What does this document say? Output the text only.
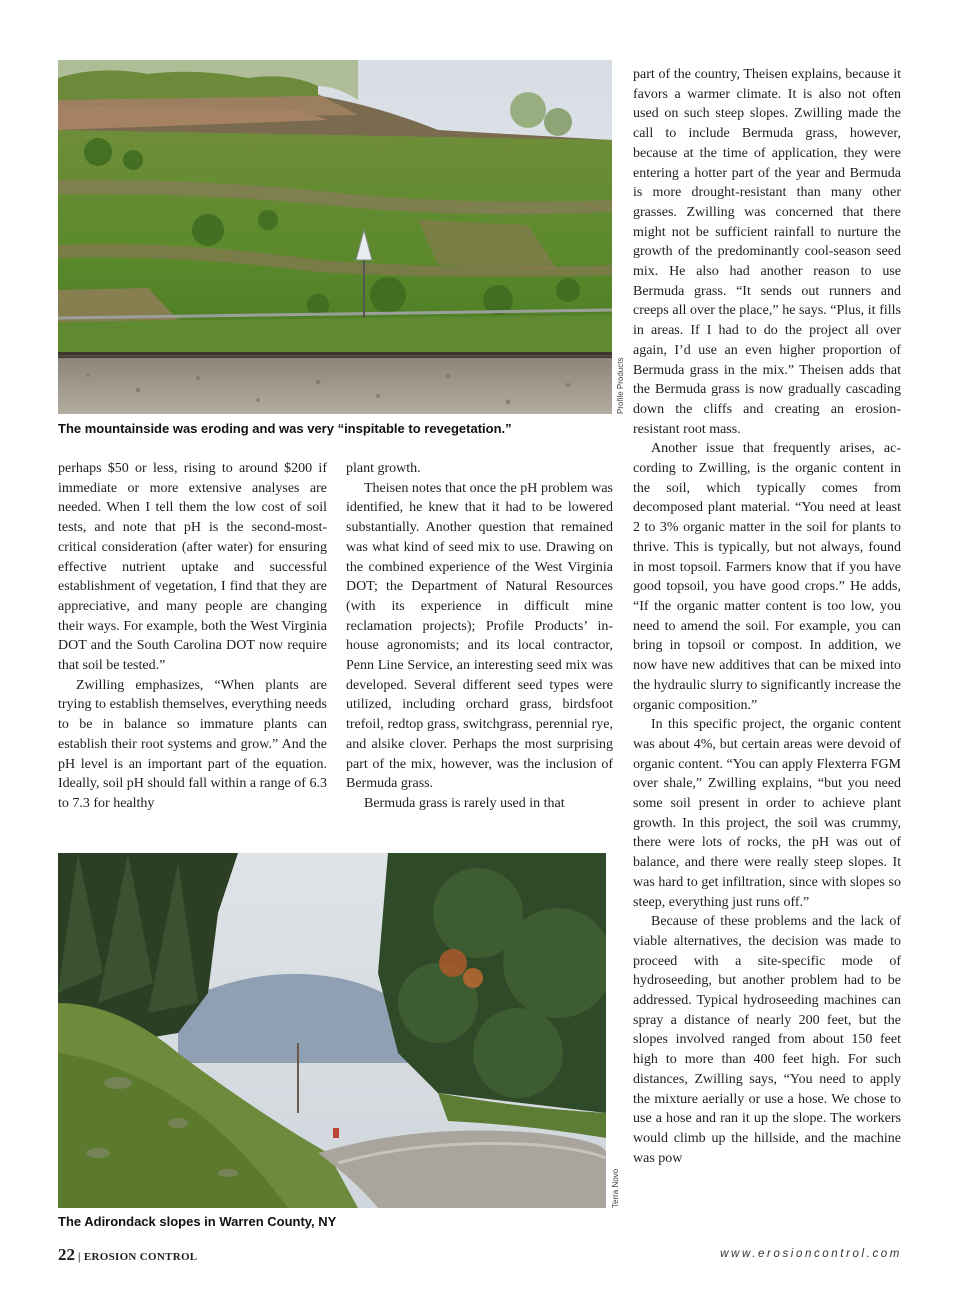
Profile Products
The mountainside was eroding and was very “inspitable to revegetation.”
Terra Novo
The Adirondack slopes in Warren County, NY

perhaps $50 or less, rising to around $200 if immediate or more extensive analyses are needed. When I tell them the low cost of soil tests, and note that pH is the second-most-critical consideration (after water) for ensuring effective nutrient uptake and successful establishment of vegetation, I find that they are appreciative, and many people are changing their ways. For example, both the West Virginia DOT and the South Carolina DOT now require that soil be tested.”

Zwilling emphasizes, “When plants are trying to establish themselves, everything needs to be in balance so immature plants can establish their root systems and grow.” And the pH level is an important part of the equation. Ideally, soil pH should fall within a range of 6.3 to 7.3 for healthy

plant growth.

Theisen notes that once the pH problem was identified, he knew that it had to be lowered substantially. Another question that remained was what kind of seed mix to use. Drawing on the combined experience of the West Virginia DOT; the Department of Natural Resources (with its experience in difficult mine reclamation projects); Profile Products’ in-house agronomists; and its local contractor, Penn Line Service, an interesting seed mix was developed. Several different seed types were utilized, including orchard grass, birdsfoot trefoil, redtop grass, switchgrass, perennial rye, and alsike clover. Perhaps the most surprising part of the mix, however, was the inclusion of Bermuda grass.

Bermuda grass is rarely used in that

part of the country, Theisen explains, because it favors a warmer climate. It is also not often used on such steep slopes. Zwilling made the call to include Bermuda grass, however, because at the time of application, they were entering a hotter part of the year and Bermuda is more drought-resistant than many other grasses. Zwilling was concerned that there might not be sufficient rainfall to nurture the growth of the predominantly cool-season seed mix. He also had another reason to use Bermuda grass. “It sends out runners and creeps all over the place,” he says. “Plus, it fills in areas. If I had to do the project all over again, I’d use an even higher proportion of Bermuda grass in the mix.” Theisen adds that the Bermuda grass is now gradually cascading down the cliffs and creating an erosion-resistant root mass.

Another issue that frequently arises, according to Zwilling, is the organic content in the soil, which typically comes from decomposed plant material. “You need at least 2 to 3% organic matter in the soil for plants to thrive. This is typically, but not always, found in most topsoil. Farmers know that if you have good topsoil, you have good crops.” He adds, “If the organic matter content is too low, you need to amend the soil. For example, you can bring in topsoil or compost. In addition, we now have new additives that can be mixed into the hydraulic slurry to significantly increase the organic composition.”

In this specific project, the organic content was about 4%, but certain areas were devoid of organic content. “You can apply Flexterra FGM over shale,” Zwilling explains, “but you need some soil present in order to achieve plant growth. In this project, the soil was crummy, there were lots of rocks, the pH was out of balance, and there were really steep slopes. It was hard to get infiltration, since with slopes so steep, everything just runs off.”

Because of these problems and the lack of viable alternatives, the decision was made to proceed with a site-specific mode of hydroseeding, but another problem had to be addressed. Typical hydroseeding machines can spray a distance of nearly 200 feet, but the slopes involved ranged from about 150 feet high to more than 400 feet high. For such distances, Zwilling says, “You need to apply the mixture aerially or use a hose. We chose to use a hose and ran it up the slope. The workers would climb up the hillside, and the machine was pow

22 | EROSION CONTROL	www.erosioncontrol.com
